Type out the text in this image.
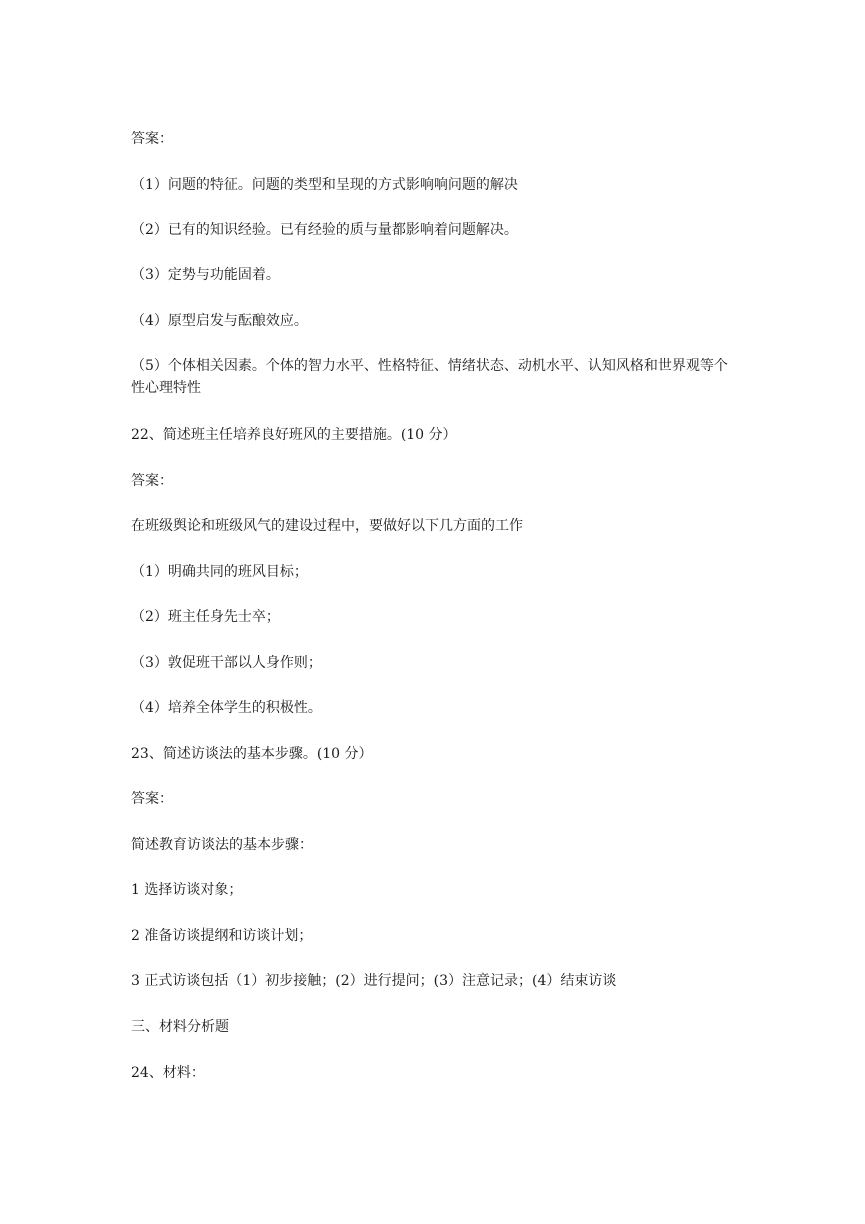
答案：
（1）问题的特征。问题的类型和呈现的方式影响响问题的解决
（2）已有的知识经验。已有经验的质与量都影响着问题解决。
（3）定势与功能固着。
（4）原型启发与酝酿效应。
（5）个体相关因素。个体的智力水平、性格特征、情绪状态、动机水平、认知风格和世界观等个性心理特性
22、简述班主任培养良好班风的主要措施。(10 分）
答案：
在班级舆论和班级风气的建设过程中，要做好以下几方面的工作
（1）明确共同的班风目标；
（2）班主任身先士卒；
（3）敦促班干部以人身作则；
（4）培养全体学生的积极性。
23、简述访谈法的基本步骤。(10 分）
答案：
简述教育访谈法的基本步骤：
1 选择访谈对象；
2 准备访谈提纲和访谈计划；
3 正式访谈包括（1）初步接触；(2）进行提问；(3）注意记录；(4）结束访谈
三、材料分析题
24、材料：
